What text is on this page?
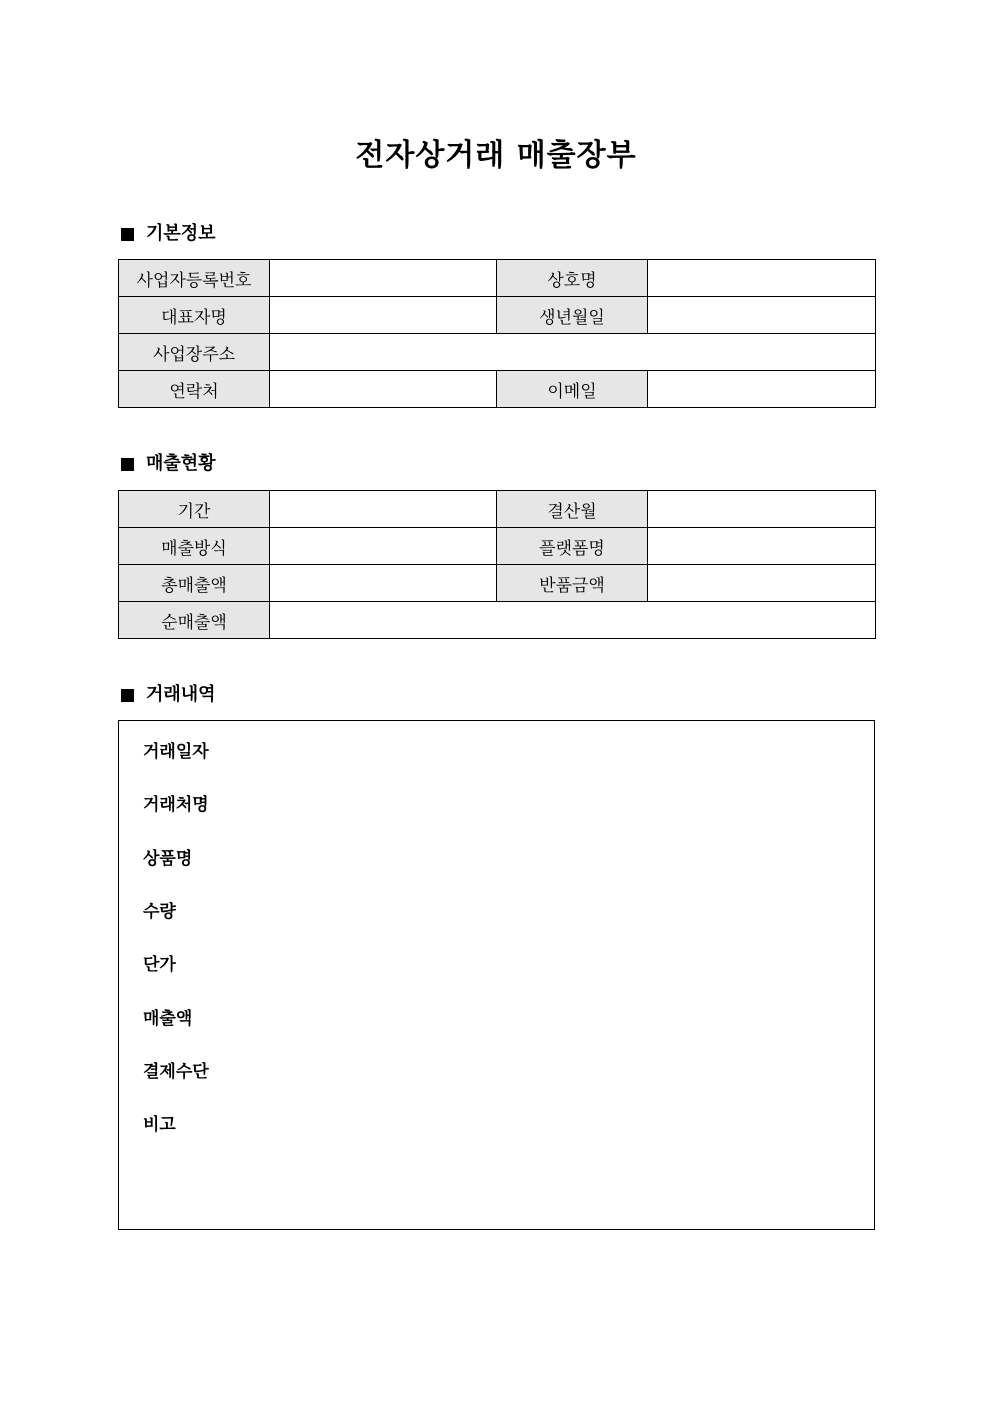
전자상거래 매출장부
기본정보
사업자등록번호		상호명	
대표자명		생년월일	
사업장주소			
연락처		이메일	
매출현황
기간		결산월	
매출방식		플랫폼명	
총매출액		반품금액	
순매출액			
거래내역
거래일자
거래처명
상품명
수량
단가
매출액
결제수단
비고
